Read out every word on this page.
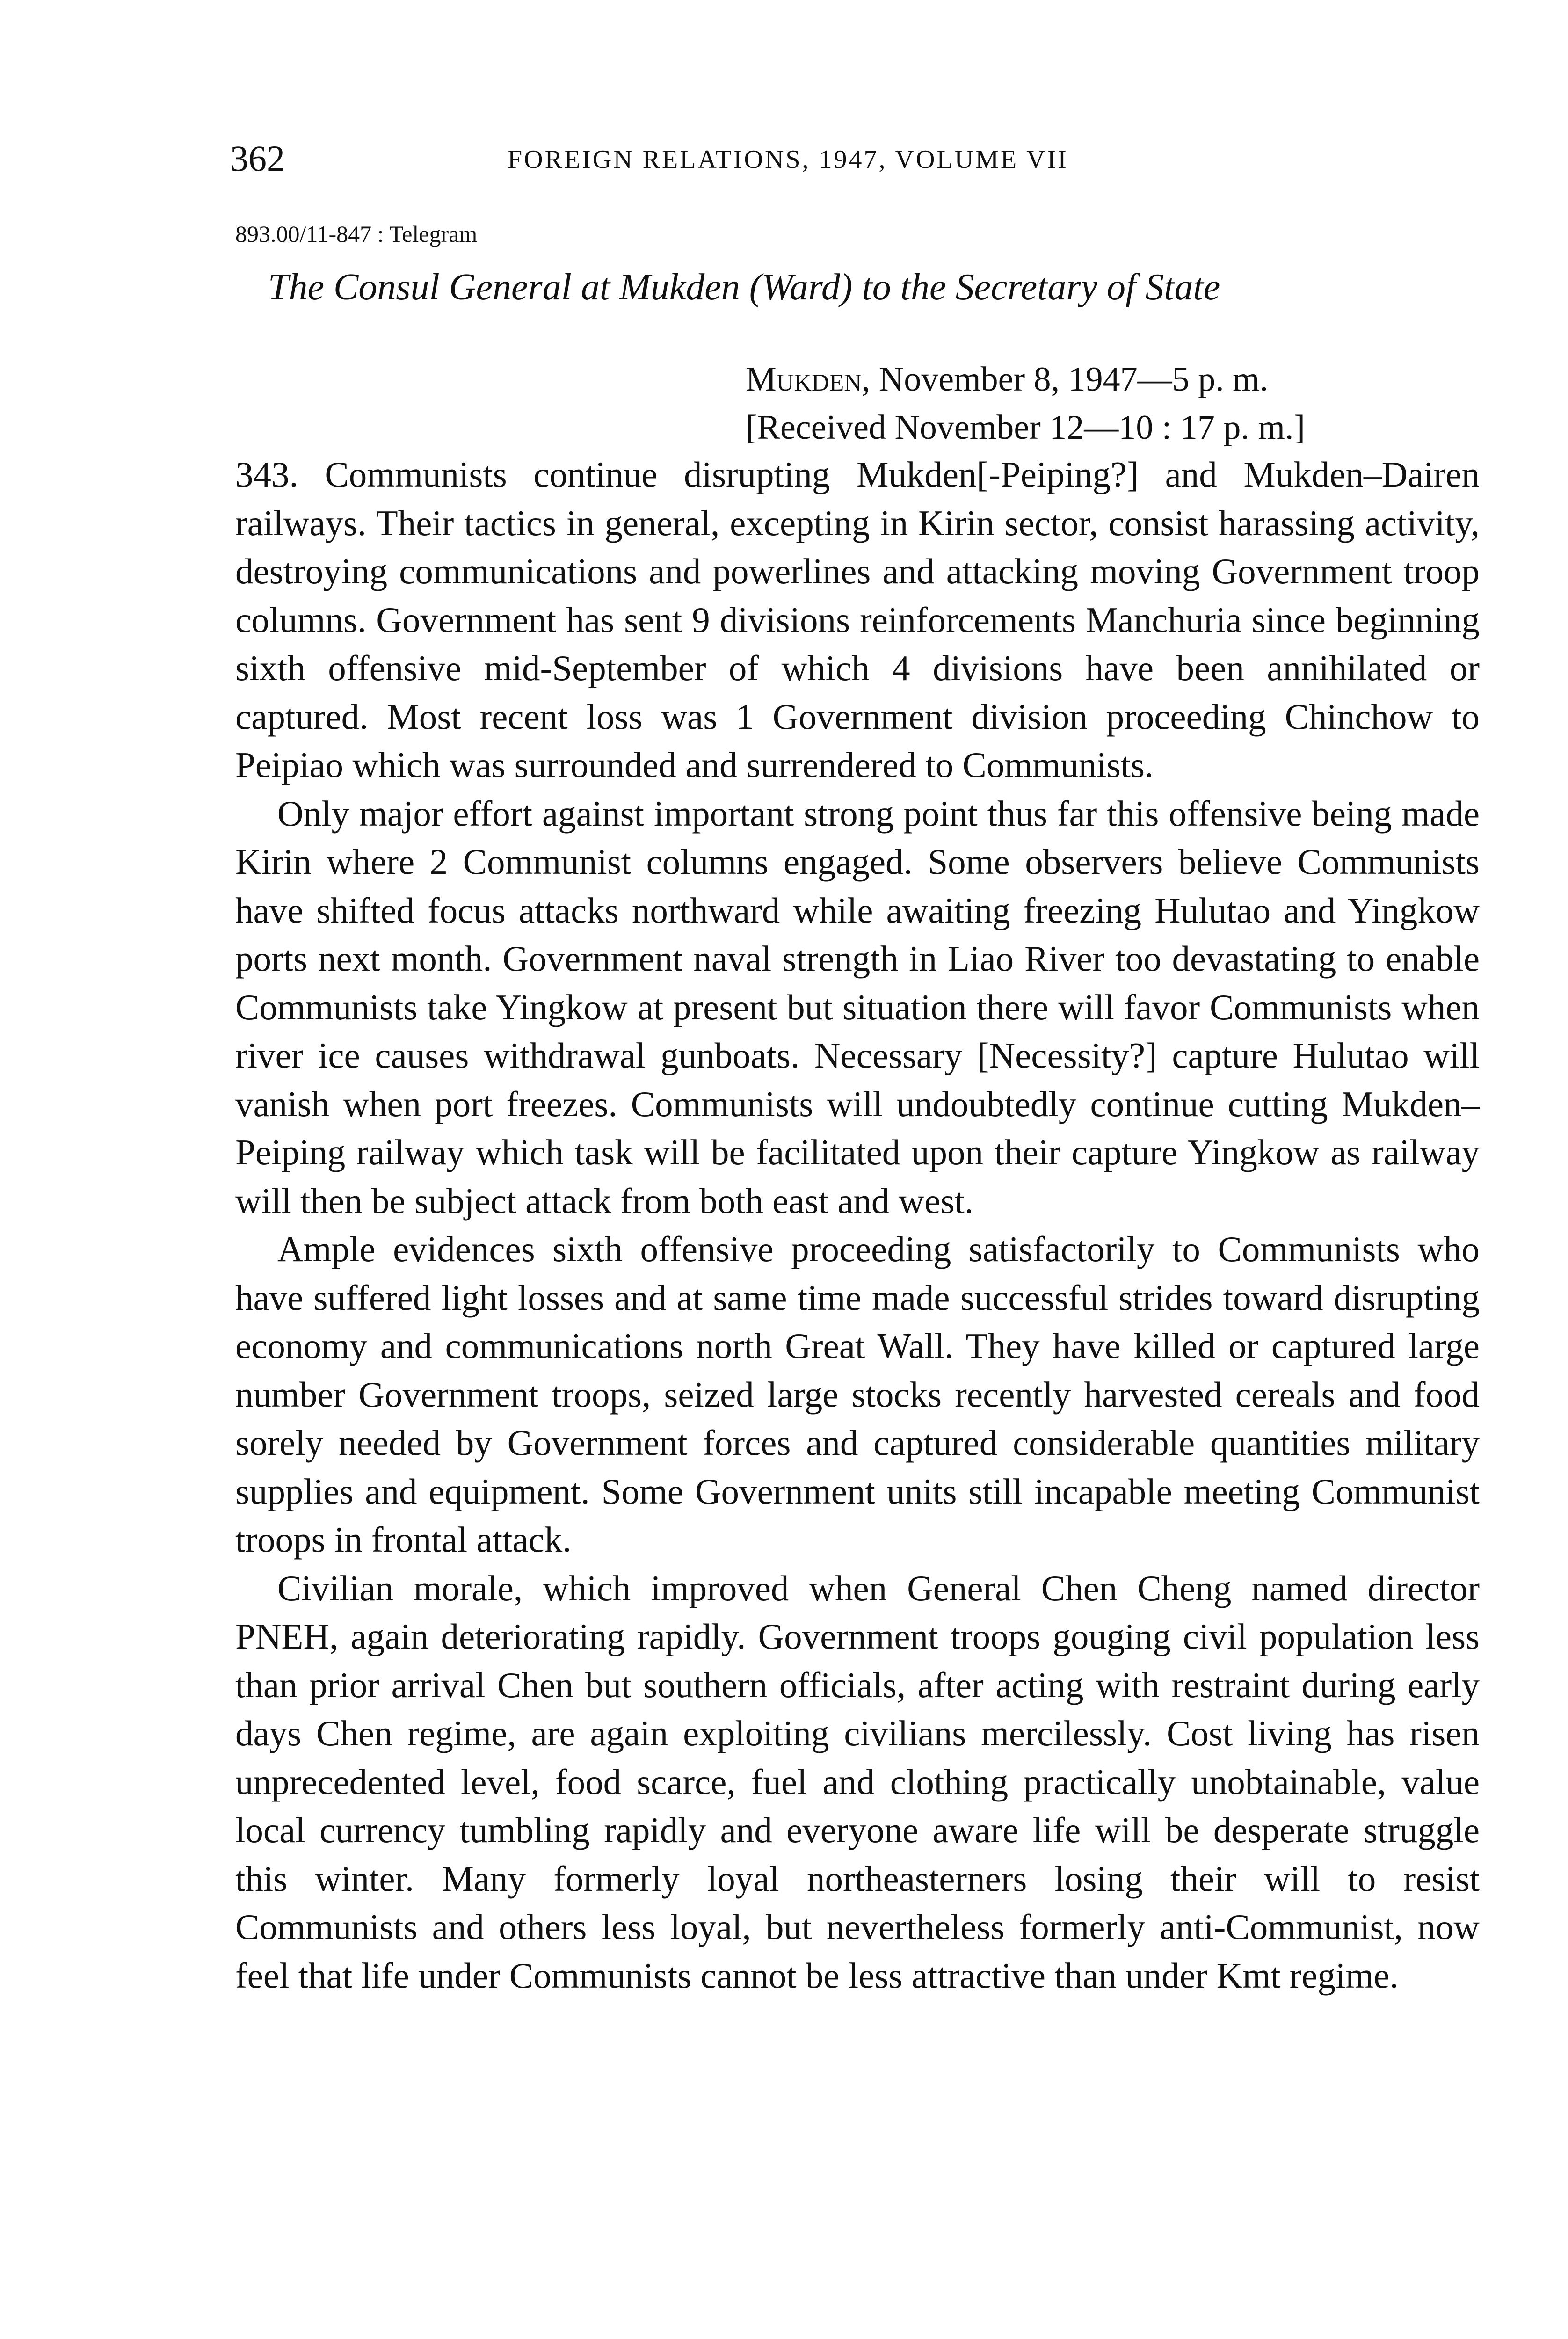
362	FOREIGN RELATIONS, 1947, VOLUME VII
893.00/11-847 : Telegram
The Consul General at Mukden (Ward) to the Secretary of State
Mukden, November 8, 1947—5 p. m.
[Received November 12—10 : 17 p. m.]

343. Communists continue disrupting Mukden[-Peiping?] and Mukden–Dairen railways. Their tactics in general, excepting in Kirin sector, consist harassing activity, destroying communications and powerlines and attacking moving Government troop columns. Government has sent 9 divisions reinforcements Manchuria since beginning sixth offensive mid-September of which 4 divisions have been annihilated or captured. Most recent loss was 1 Government division proceeding Chinchow to Peipiao which was surrounded and surrendered to Communists.

Only major effort against important strong point thus far this offensive being made Kirin where 2 Communist columns engaged. Some observers believe Communists have shifted focus attacks northward while awaiting freezing Hulutao and Yingkow ports next month. Government naval strength in Liao River too devastating to enable Communists take Yingkow at present but situation there will favor Communists when river ice causes withdrawal gunboats. Necessary [Necessity?] capture Hulutao will vanish when port freezes. Communists will undoubtedly continue cutting Mukden–Peiping railway which task will be facilitated upon their capture Yingkow as railway will then be subject attack from both east and west.

Ample evidences sixth offensive proceeding satisfactorily to Communists who have suffered light losses and at same time made successful strides toward disrupting economy and communications north Great Wall. They have killed or captured large number Government troops, seized large stocks recently harvested cereals and food sorely needed by Government forces and captured considerable quantities military supplies and equipment. Some Government units still incapable meeting Communist troops in frontal attack.

Civilian morale, which improved when General Chen Cheng named director PNEH, again deteriorating rapidly. Government troops gouging civil population less than prior arrival Chen but southern officials, after acting with restraint during early days Chen regime, are again exploiting civilians mercilessly. Cost living has risen unprecedented level, food scarce, fuel and clothing practically unobtainable, value local currency tumbling rapidly and everyone aware life will be desperate struggle this winter. Many formerly loyal northeasterners losing their will to resist Communists and others less loyal, but nevertheless formerly anti-Communist, now feel that life under Communists cannot be less attractive than under Kmt regime.
